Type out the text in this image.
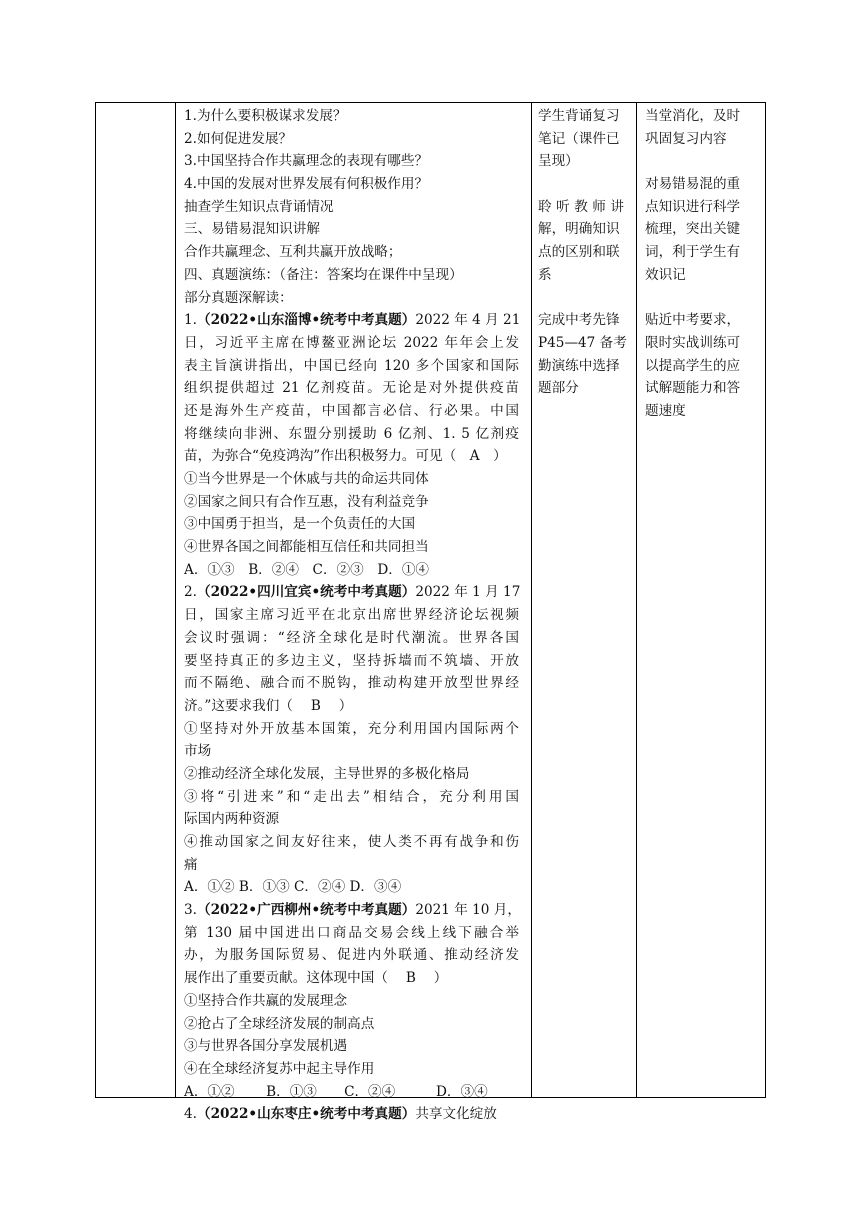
1.为什么要积极谋求发展？
2.如何促进发展？
3.中国坚持合作共赢理念的表现有哪些？
4.中国的发展对世界发展有何积极作用？
抽查学生知识点背诵情况
三、易错易混知识讲解
合作共赢理念、互利共赢开放战略；
四、真题演练：（备注：答案均在课件中呈现）
部分真题深解读：
1.（2022•山东淄博•统考中考真题）2022 年 4 月 21
日，习近平主席在博鳌亚洲论坛 2022 年年会上发
表主旨演讲指出，中国已经向 120 多个国家和国际
组织提供超过 21 亿剂疫苗。无论是对外提供疫苗
还是海外生产疫苗，中国都言必信、行必果。中国
将继续向非洲、东盟分别援助 6 亿剂、1. 5 亿剂疫
苗，为弥合“免疫鸿沟”作出积极努力。可见（　A　）
①当今世界是一个休戚与共的命运共同体
②国家之间只有合作互惠，没有利益竞争
③中国勇于担当，是一个负责任的大国
④世界各国之间都能相互信任和共同担当
A．①③　B．②④　C．②③　D．①④
2.（2022•四川宜宾•统考中考真题）2022 年 1 月 17
日，国家主席习近平在北京出席世界经济论坛视频
会议时强调：“经济全球化是时代潮流。世界各国
要坚持真正的多边主义，坚持拆墙而不筑墙、开放
而不隔绝、融合而不脱钩，推动构建开放型世界经
济。”这要求我们（　 B　 ）
①坚持对外开放基本国策，充分利用国内国际两个
市场
②推动经济全球化发展，主导世界的多极化格局
③将“引进来”和“走出去”相结合，充分利用国
际国内两种资源
④推动国家之间友好往来，使人类不再有战争和伤
痛
A．①② B．①③ C．②④ D．③④
3.（2022•广西柳州•统考中考真题）2021 年 10 月，
第 130 届中国进出口商品交易会线上线下融合举
办，为服务国际贸易、促进内外联通、推动经济发
展作出了重要贡献。这体现中国（　 B　 ）
①坚持合作共赢的发展理念
②抢占了全球经济发展的制高点
③与世界各国分享发展机遇
④在全球经济复苏中起主导作用
A．①②　　 B．①③　　C．②④　　　D．③④
4.（2022•山东枣庄•统考中考真题）共享文化绽放
学生背诵复习
笔记（课件已
呈现）
聆听教师讲
解，明确知识
点的区别和联
系
完成中考先锋
P45—47 备考
勤演练中选择
题部分
当堂消化，及时
巩固复习内容
对易错易混的重
点知识进行科学
梳理，突出关键
词，利于学生有
效识记
贴近中考要求，
限时实战训练可
以提高学生的应
试解题能力和答
题速度
